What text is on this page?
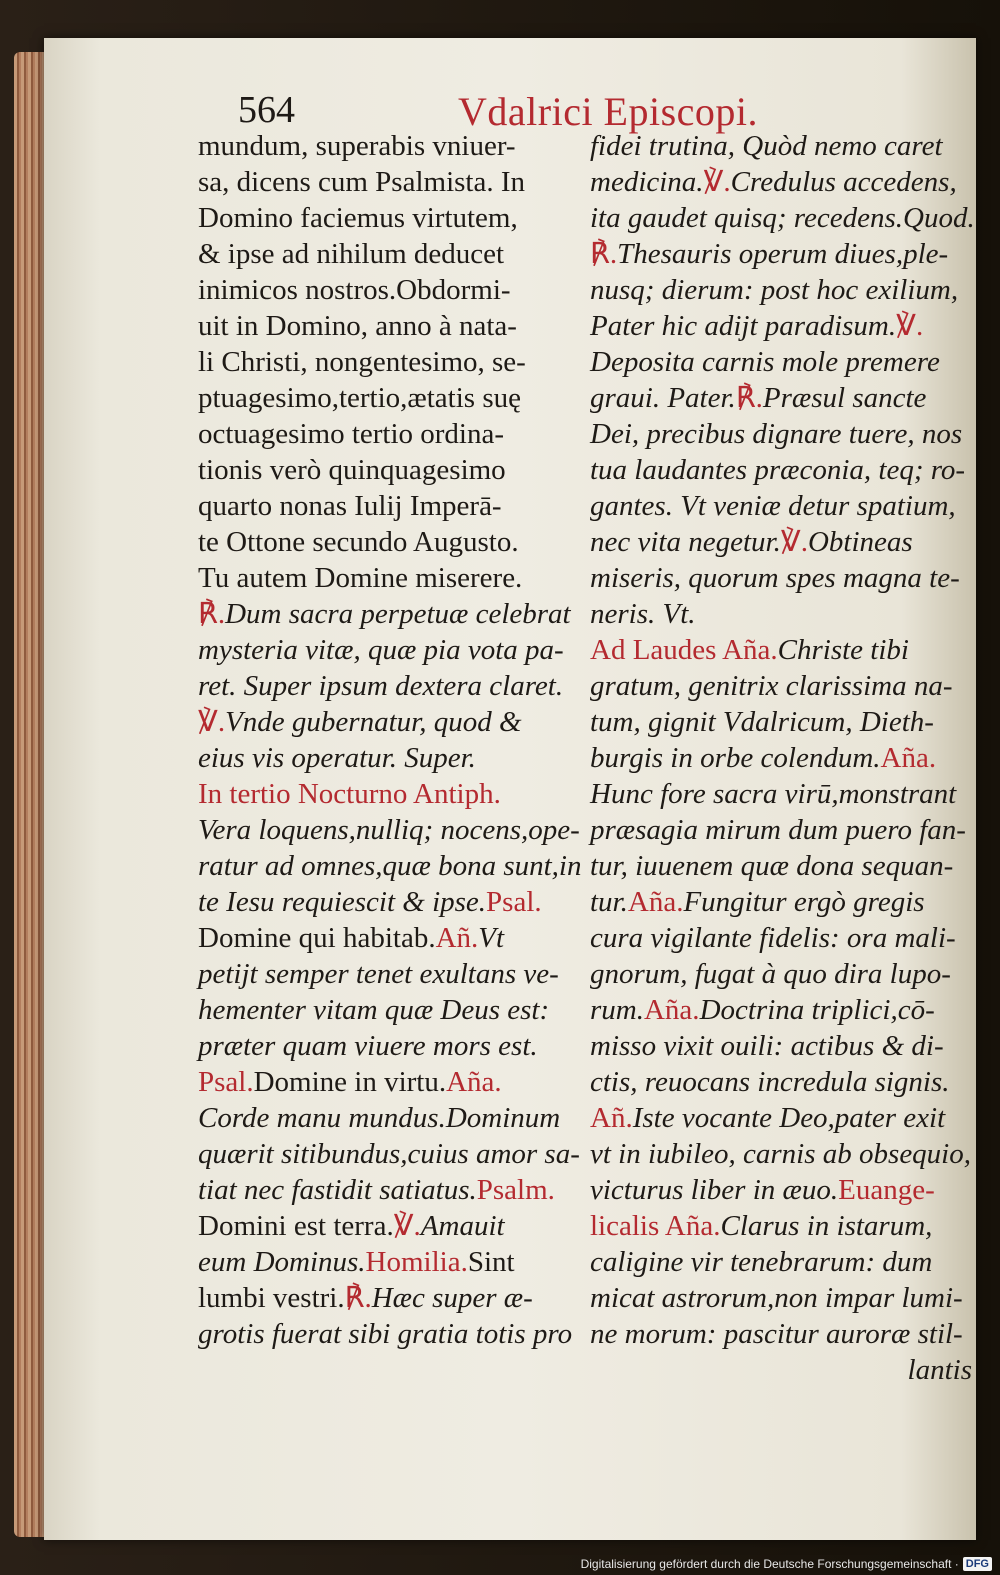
564	Vdalrici Episcopi.
mundum, superabis vniuer-
sa, dicens cum Psalmista. In
Domino faciemus virtutem,
& ipse ad nihilum deducet
inimicos nostros.Obdormi-
uit in Domino, anno à nata-
li Christi, nongentesimo, se-
ptuagesimo,tertio,ætatis suę
octuagesimo tertio ordina-
tionis verò quinquagesimo
quarto nonas Iulij Imperā-
te Ottone secundo Augusto.
Tu autem Domine miserere.
℟. Dum sacra perpetuæ celebrat
mysteria vitæ, quæ pia vota pa-
ret. Super ipsum dextera claret.
℣. Vnde gubernatur, quod &
eius vis operatur. Super.
In tertio Nocturno Antiph.
Vera loquens,nulliq; nocens,ope-
ratur ad omnes,quæ bona sunt,in
te Iesu requiescit & ipse. Psal.
Domine qui habitab. Añ. Vt
petijt semper tenet exultans ve-
hementer vitam quæ Deus est:
præter quam viuere mors est.
Psal. Domine in virtu. Aña.
Corde manu mundus.Dominum
quærit sitibundus,cuius amor sa-
tiat nec fastidit satiatus. Psalm.
Domini est terra. ℣. Amauit
eum Dominus. Homilia. Sint
lumbi vestri. ℟. Hæc super æ-
grotis fuerat sibi gratia totis pro
fidei trutina, Quòd nemo caret
medicina. ℣. Credulus accedens,
ita gaudet quisq; recedens.Quod.
℟. Thesauris operum diues,ple-
nusq; dierum: post hoc exilium,
Pater hic adijt paradisum. ℣.
Deposita carnis mole premere
graui. Pater. ℟. Præsul sancte
Dei, precibus dignare tuere, nos
tua laudantes præconia, teq; ro-
gantes. Vt veniæ detur spatium,
nec vita negetur. ℣. Obtineas
miseris, quorum spes magna te-
neris. Vt.
Ad Laudes Aña. Christe tibi
gratum, genitrix clarissima na-
tum, gignit Vdalricum, Dieth-
burgis in orbe colendum. Aña.
Hunc fore sacra virū,monstrant
præsagia mirum dum puero fan-
tur, iuuenem quæ dona sequan-
tur. Aña. Fungitur ergò gregis
cura vigilante fidelis: ora mali-
gnorum, fugat à quo dira lupo-
rum. Aña. Doctrina triplici,cō-
misso vixit ouili: actibus & di-
ctis, reuocans incredula signis.
Añ. Iste vocante Deo,pater exit
vt in iubileo, carnis ab obsequio,
victurus liber in æuo. Euange-
licalis Aña. Clarus in istarum,
caligine vir tenebrarum: dum
micat astrorum,non impar lumi-
ne morum: pascitur auroræ stil-
lantis
Digitalisierung gefördert durch die Deutsche Forschungsgemeinschaft · DFG
